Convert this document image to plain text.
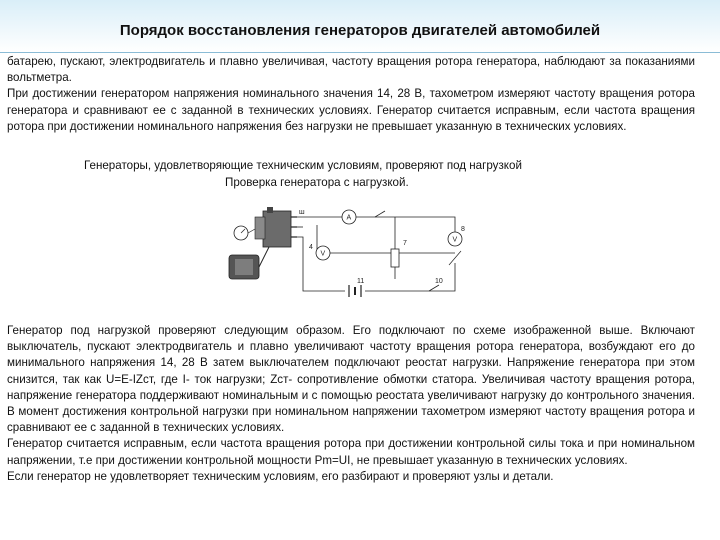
Порядок восстановления генераторов двигателей автомобилей

батарею, пускают, электродвигатель и плавно увеличивая, частоту вращения ротора генератора, наблюдают за показаниями вольтметра.

При достижении генератором напряжения номинального значения 14, 28 В, тахометром измеряют частоту вращения ротора генератора и сравнивают ее с заданной в технических условиях. Генератор считается исправным, если частота вращения ротора при достижении номинального напряжения без нагрузки не превышает указанную в технических условиях.

Генераторы, удовлетворяющие техническим условиям, проверяют под нагрузкой
Проверка генератора с нагрузкой.
A
V
V
ш
4
7
8
10
11

Генератор под нагрузкой проверяют следующим образом. Его подключают по схеме изображенной выше. Включают выключатель, пускают электродвигатель и плавно увеличивают частоту вращения ротора генератора, возбуждают его до минимального напряжения 14, 28 В затем выключателем подключают реостат нагрузки. Напряжение генератора при этом снизится, так как U=E-IZст, где I- ток нагрузки; Zст- сопротивление обмотки статора. Увеличивая частоту вращения ротора, напряжение генератора поддерживают номинальным и с помощью реостата увеличивают нагрузку до контрольного значения. В момент достижения контрольной нагрузки при номинальном напряжении тахометром измеряют частоту вращения ротора и сравнивают ее с заданной в технических условиях.

Генератор считается исправным, если частота вращения ротора при достижении контрольной силы тока и при номинальном напряжении, т.е при достижении контрольной мощности Pm=UI, не превышает указанную в технических условиях.

Если генератор не удовлетворяет техническим условиям, его разбирают и проверяют узлы и детали.
